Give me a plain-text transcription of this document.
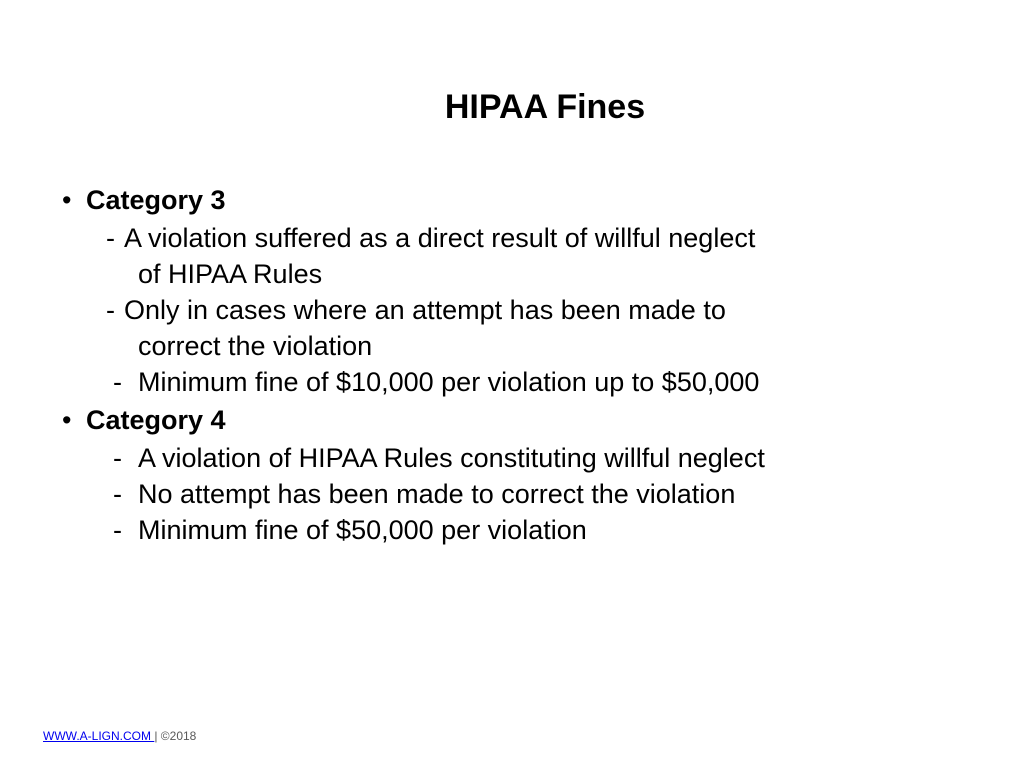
HIPAA Fines
• Category 3
- A violation suffered as a direct result of willful neglect
of HIPAA Rules
- Only in cases where an attempt has been made to
correct the violation
- Minimum fine of $10,000 per violation up to $50,000
• Category 4
- A violation of HIPAA Rules constituting willful neglect
- No attempt has been made to correct the violation
- Minimum fine of $50,000 per violation
WWW.A-LIGN.COM | ©2018
